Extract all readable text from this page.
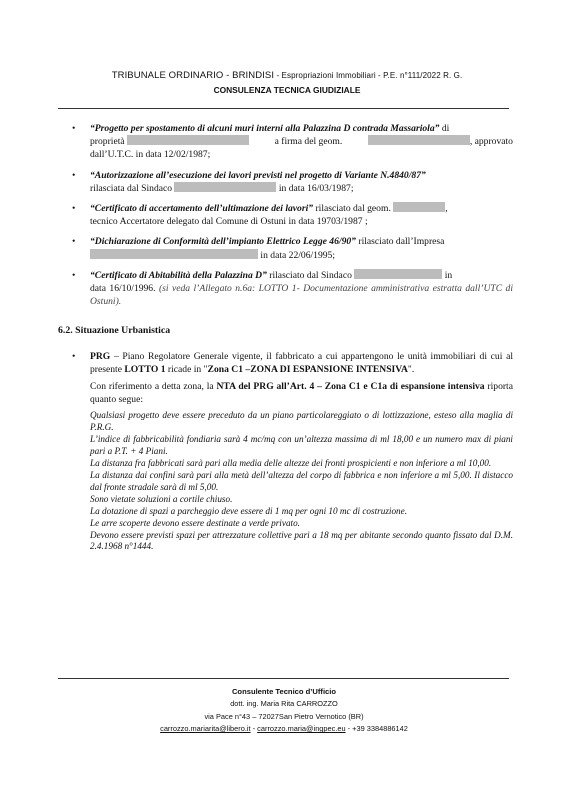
TRIBUNALE ORDINARIO - BRINDISI - Espropriazioni Immobiliari - P.E. n°111/2022 R. G.
CONSULENZA TECNICA GIUDIZIALE
• “Progetto per spostamento di alcuni muri interni alla Palazzina D contrada Massariola” di
proprietà	a firma del geom.	, approvato
dall’U.T.C. in data 12/02/1987;
• “Autorizzazione all’esecuzione dei lavori previsti nel progetto di Variante N.4840/87”
rilasciata dal Sindaco	in data 16/03/1987;
• “Certificato di accertamento dell’ultimazione dei lavori” rilasciato dal geom.	,
tecnico Accertatore delegato dal Comune di Ostuni in data 19703/1987 ;
• “Dichiarazione di Conformità dell’impianto Elettrico Legge 46/90” rilasciato dall’Impresa
in data 22/06/1995;
• “Certificato di Abitabilità della Palazzina D” rilasciato dal Sindaco	in
data 16/10/1996. (si veda l’Allegato n.6a: LOTTO 1- Documentazione amministrativa estratta dall’UTC di Ostuni).
6.2. Situazione Urbanistica
• PRG – Piano Regolatore Generale vigente, il fabbricato a cui appartengono le unità immobiliari di cui al presente LOTTO 1 ricade in "Zona C1 –ZONA DI ESPANSIONE INTENSIVA".
Con riferimento a detta zona, la NTA del PRG all’Art. 4 – Zona C1 e C1a di espansione intensiva riporta quanto segue:

Qualsiasi progetto deve essere preceduto da un piano particolareggiato o di lottizzazione, esteso alla maglia di P.R.G.

L’indice di fabbricabilità fondiaria sarà 4 mc/mq con un’altezza massima di ml 18,00 e un numero max di piani pari a P.T. + 4 Piani.

La distanza fra fabbricati sarà pari alla media delle altezze dei fronti prospicienti e non inferiore a ml 10,00.

La distanza dai confini sarà pari alla metà dell’altezza del corpo di fabbrica e non inferiore a ml 5,00. Il distacco dal fronte stradale sarà di ml 5,00.

Sono vietate soluzioni a cortile chiuso.

La dotazione di spazi a parcheggio deve essere di 1 mq per ogni 10 mc di costruzione.

Le arre scoperte devono essere destinate a verde privato.

Devono essere previsti spazi per attrezzature collettive pari a 18 mq per abitante secondo quanto fissato dal D.M. 2.4.1968 n°1444.

Consulente Tecnico d’Ufficio
dott. ing. Maria Rita CARROZZO
via Pace n°43 – 72027San Pietro Vernotico (BR)
carrozzo.mariarita@libero.it - carrozzo.maria@ingpec.eu - +39 3384886142
